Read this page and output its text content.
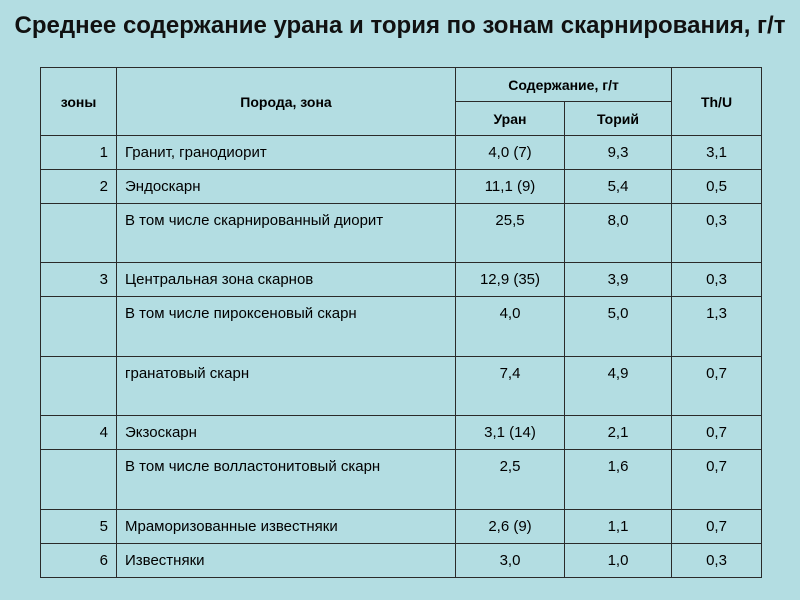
Среднее содержание урана и тория по зонам скарнирования, г/т
зоны	Порода, зона	Содержание, г/т		Th/U
		Уран	Торий	
1	Гранит, гранодиорит	4,0 (7)	9,3	3,1
2	Эндоскарн	11,1 (9)	5,4	0,5
	В том числе скарнированный диорит	25,5	8,0	0,3
3	Центральная зона скарнов	12,9 (35)	3,9	0,3
	В том числе пироксеновый скарн	4,0	5,0	1,3
	гранатовый скарн	7,4	4,9	0,7
4	Экзоскарн	3,1 (14)	2,1	0,7
	В том числе волластонитовый скарн	2,5	1,6	0,7
5	Мраморизованные известняки	2,6 (9)	1,1	0,7
6	Известняки	3,0	1,0	0,3
